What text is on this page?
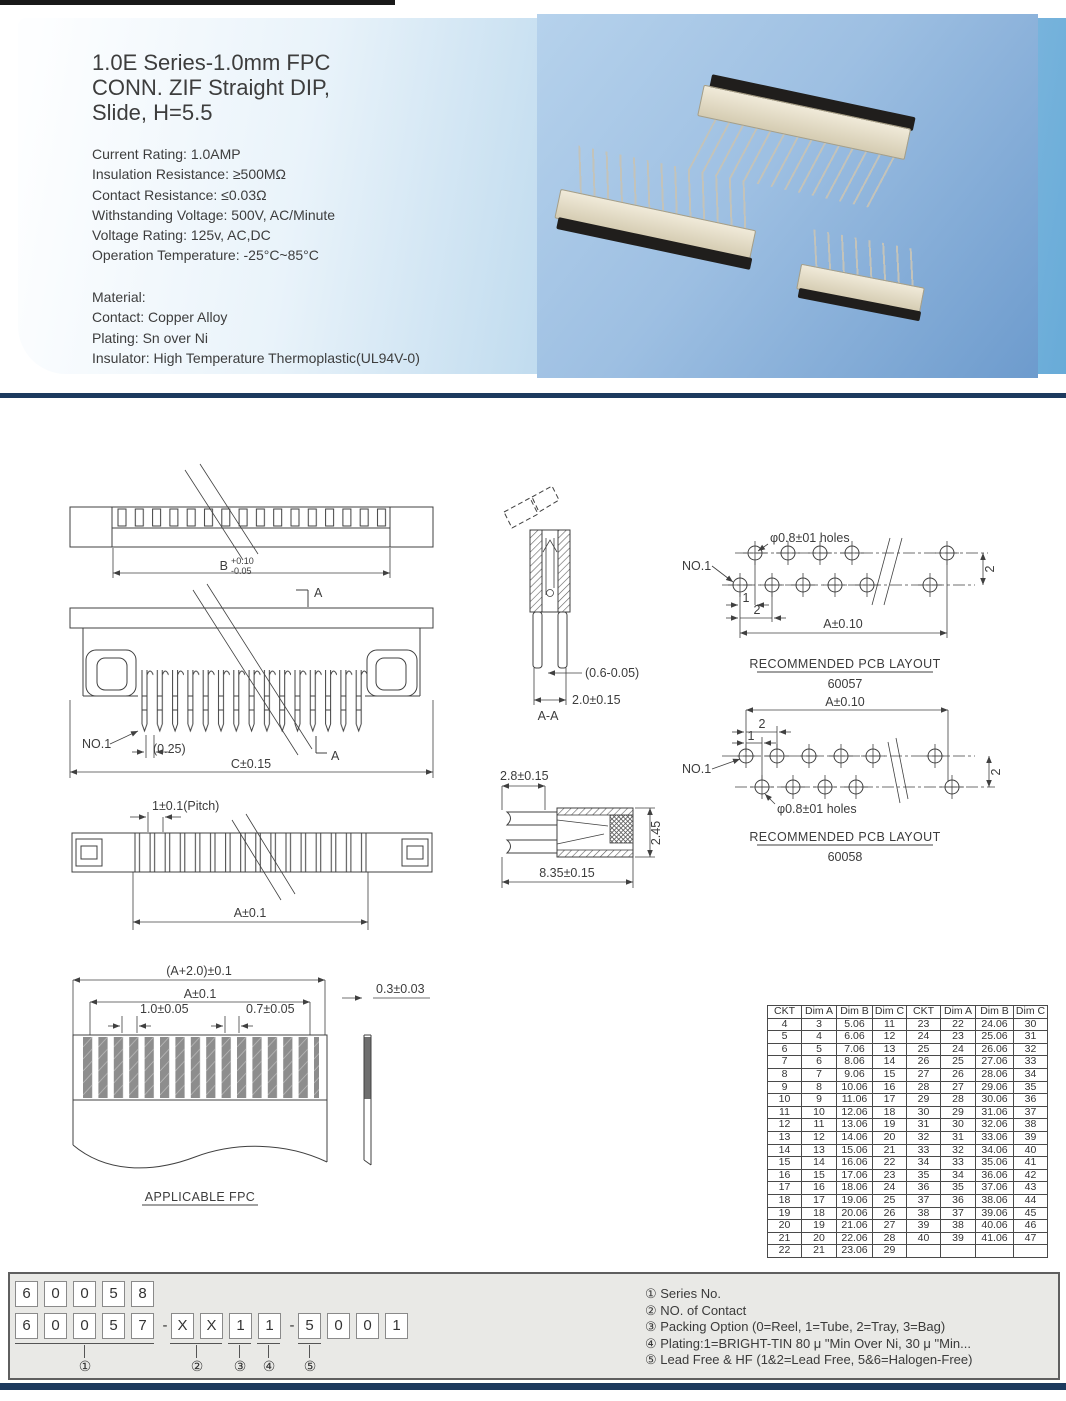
1.0E Series-1.0mm FPC
CONN. ZIF Straight DIP,
Slide, H=5.5
Current Rating: 1.0AMP
Insulation Resistance: ≥500MΩ
Contact Resistance: ≤0.03Ω
Withstanding Voltage: 500V, AC/Minute
Voltage Rating: 125v, AC,DC
Operation Temperature: -25°C~85°C
Material:
Contact: Copper Alloy
Plating: Sn over Ni
Insulator: High Temperature Thermoplastic(UL94V-0)
B +0.10
-0.05
NO.1	(0.25)
C±0.15
A
A
1±0.1(Pitch)
A±0.1
(0.6-0.05)
2.0±0.15
A-A
2.8±0.15
8.35±0.15
2.45
φ0.8±01 holes
NO.1
1
2
A±0.10
2
RECOMMENDED PCB LAYOUT
60057
A±0.10
2
1
NO.1
φ0.8±01 holes
2
RECOMMENDED PCB LAYOUT
60058
(A+2.0)±0.1
A±0.1
1.0±0.05	0.7±0.05
0.3±0.03
APPLICABLE FPC
CKT	Dim A	Dim B	Dim C	CKT	Dim A	Dim B	Dim C
4	3	5.06	11	23	22	24.06	30
5	4	6.06	12	24	23	25.06	31
6	5	7.06	13	25	24	26.06	32
7	6	8.06	14	26	25	27.06	33
8	7	9.06	15	27	26	28.06	34
9	8	10.06	16	28	27	29.06	35
10	9	11.06	17	29	28	30.06	36
11	10	12.06	18	30	29	31.06	37
12	11	13.06	19	31	30	32.06	38
13	12	14.06	20	32	31	33.06	39
14	13	15.06	21	33	32	34.06	40
15	14	16.06	22	34	33	35.06	41
16	15	17.06	23	35	34	36.06	42
17	16	18.06	24	36	35	37.06	43
18	17	19.06	25	37	36	38.06	44
19	18	20.06	26	38	37	39.06	45
20	19	21.06	27	39	38	40.06	46
21	20	22.06	28	40	39	41.06	47
22	21	23.06	29				
6	0	0	5	8
6	0	0	5	7	- X	X	1	1	- 5	0	0	1
①	② ③ ④ ⑤
① Series No.
② NO. of Contact
③ Packing Option (0=Reel, 1=Tube, 2=Tray, 3=Bag)
④ Plating:1=BRIGHT-TIN 80 μ "Min Over Ni, 30 μ "Min...
⑤ Lead Free & HF (1&2=Lead Free, 5&6=Halogen-Free)
